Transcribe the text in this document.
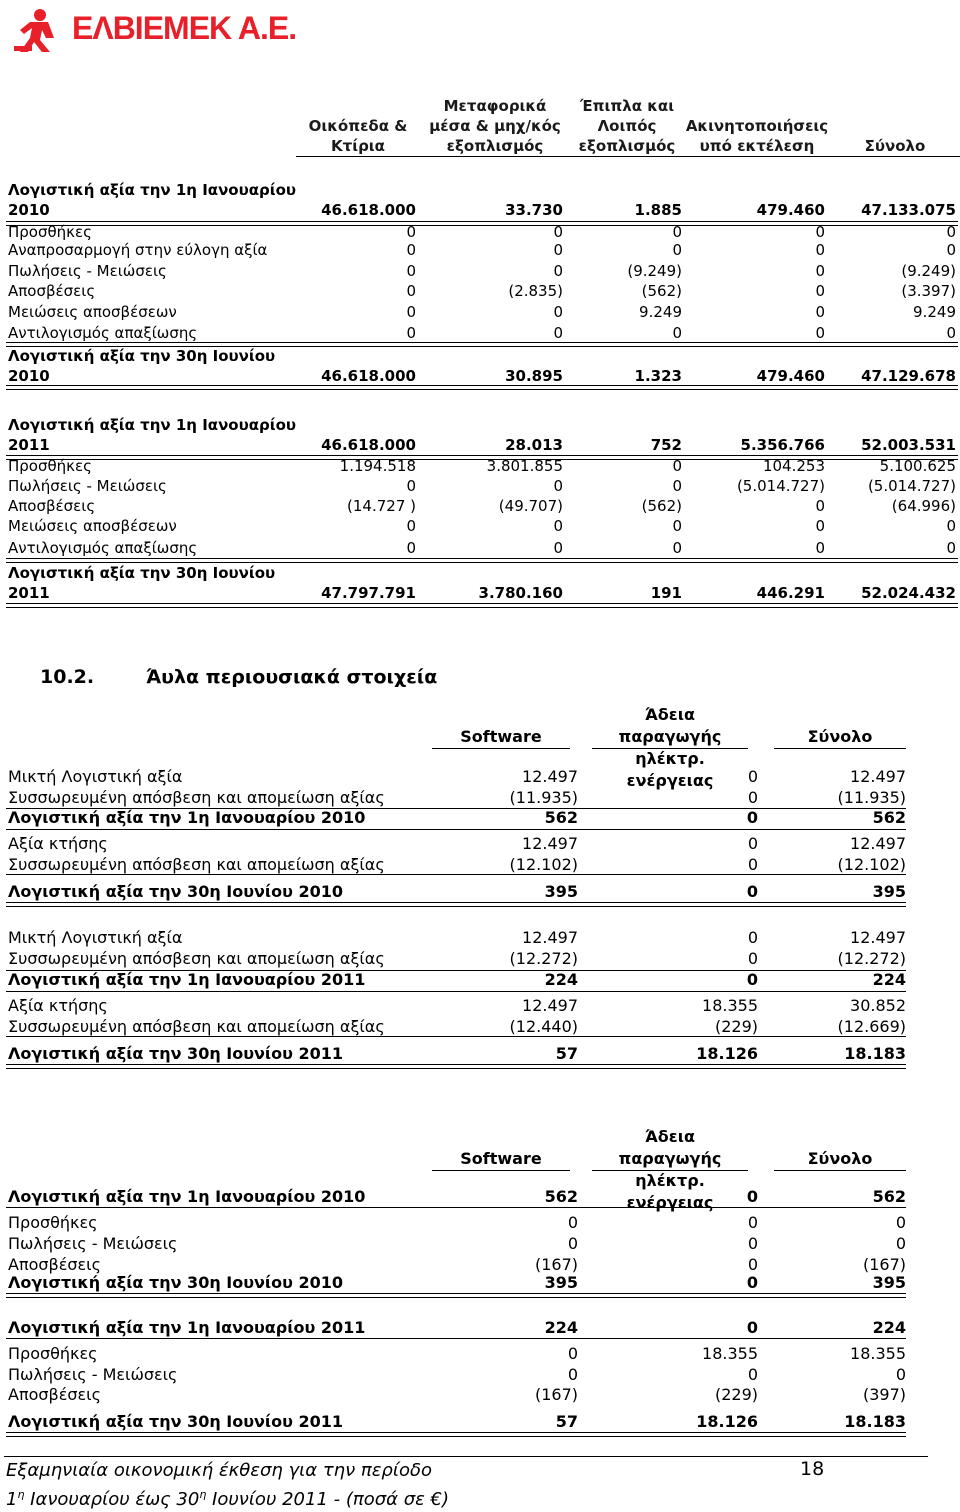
ΕΛΒΙΕΜΕΚ Α.Ε.
Οικόπεδα &
Κτίρια
Μεταφορικά
μέσα & μηχ/κός
εξοπλισμός
Έπιπλα και
Λοιπός
εξοπλισμός
Ακινητοποιήσεις
υπό εκτέλεση	Σύνολο
Λογιστική αξία την 1η Ιανουαρίου
2010	46.618.000	33.730	1.885	479.460 47.133.075
Προσθήκες	0	0	0	0	0
Αναπροσαρμογή στην εύλογη αξία	0	0	0	0	0
Πωλήσεις - Μειώσεις	0	0	(9.249)	0	(9.249)
Αποσβέσεις	0	(2.835)	(562)	0	(3.397)
Μειώσεις αποσβέσεων	0	0	9.249	0	9.249
Αντιλογισμός απαξίωσης	0	0	0	0	0
Λογιστική αξία την 30η Ιουνίου
2010	46.618.000	30.895	1.323	479.460 47.129.678
Λογιστική αξία την 1η Ιανουαρίου
2011	46.618.000	28.013	752	5.356.766 52.003.531
Προσθήκες	1.194.518	3.801.855	0	104.253	5.100.625
Πωλήσεις - Μειώσεις	0	0	0	(5.014.727)	(5.014.727)
Αποσβέσεις	(14.727 )	(49.707)	(562)	0	(64.996)
Μειώσεις αποσβέσεων	0	0	0	0	0
Αντιλογισμός απαξίωσης	0	0	0	0	0
Λογιστική αξία την 30η Ιουνίου
2011	47.797.791	3.780.160	191	446.291 52.024.432
10.2.	Άυλα περιουσιακά στοιχεία
Software
Άδεια παραγωγής
ηλέκτρ. ενέργειας
Σύνολο
Μικτή Λογιστική αξία	12.497	0	12.497
Συσσωρευμένη απόσβεση και απομείωση αξίας	(11.935)	0	(11.935)
Λογιστική αξία την 1η Ιανουαρίου 2010	562	0	562
Αξία κτήσης	12.497	0	12.497
Συσσωρευμένη απόσβεση και απομείωση αξίας	(12.102)	0	(12.102)
Λογιστική αξία την 30η Ιουνίου 2010	395	0	395
Μικτή Λογιστική αξία	12.497	0	12.497
Συσσωρευμένη απόσβεση και απομείωση αξίας	(12.272)	0	(12.272)
Λογιστική αξία την 1η Ιανουαρίου 2011	224	0	224
Αξία κτήσης	12.497	18.355	30.852
Συσσωρευμένη απόσβεση και απομείωση αξίας	(12.440)	(229)	(12.669)
Λογιστική αξία την 30η Ιουνίου 2011	57	18.126	18.183
Software
Άδεια παραγωγής
ηλέκτρ. ενέργειας
Σύνολο
Λογιστική αξία την 1η Ιανουαρίου 2010	562	0	562
Προσθήκες	0	0	0
Πωλήσεις - Μειώσεις	0	0	0
Αποσβέσεις	(167)	0	(167)
Λογιστική αξία την 30η Ιουνίου 2010	395	0	395
Λογιστική αξία την 1η Ιανουαρίου 2011	224	0	224
Προσθήκες	0	18.355	18.355
Πωλήσεις - Μειώσεις	0	0	0
Αποσβέσεις	(167)	(229)	(397)
Λογιστική αξία την 30η Ιουνίου 2011	57	18.126	18.183
Εξαμηνιαία οικονομική έκθεση για την περίοδο
$1^\eta$ Ιανουαρίου έως $30^\eta$ Ιουνίου 2011 - (ποσά σε €)
18
